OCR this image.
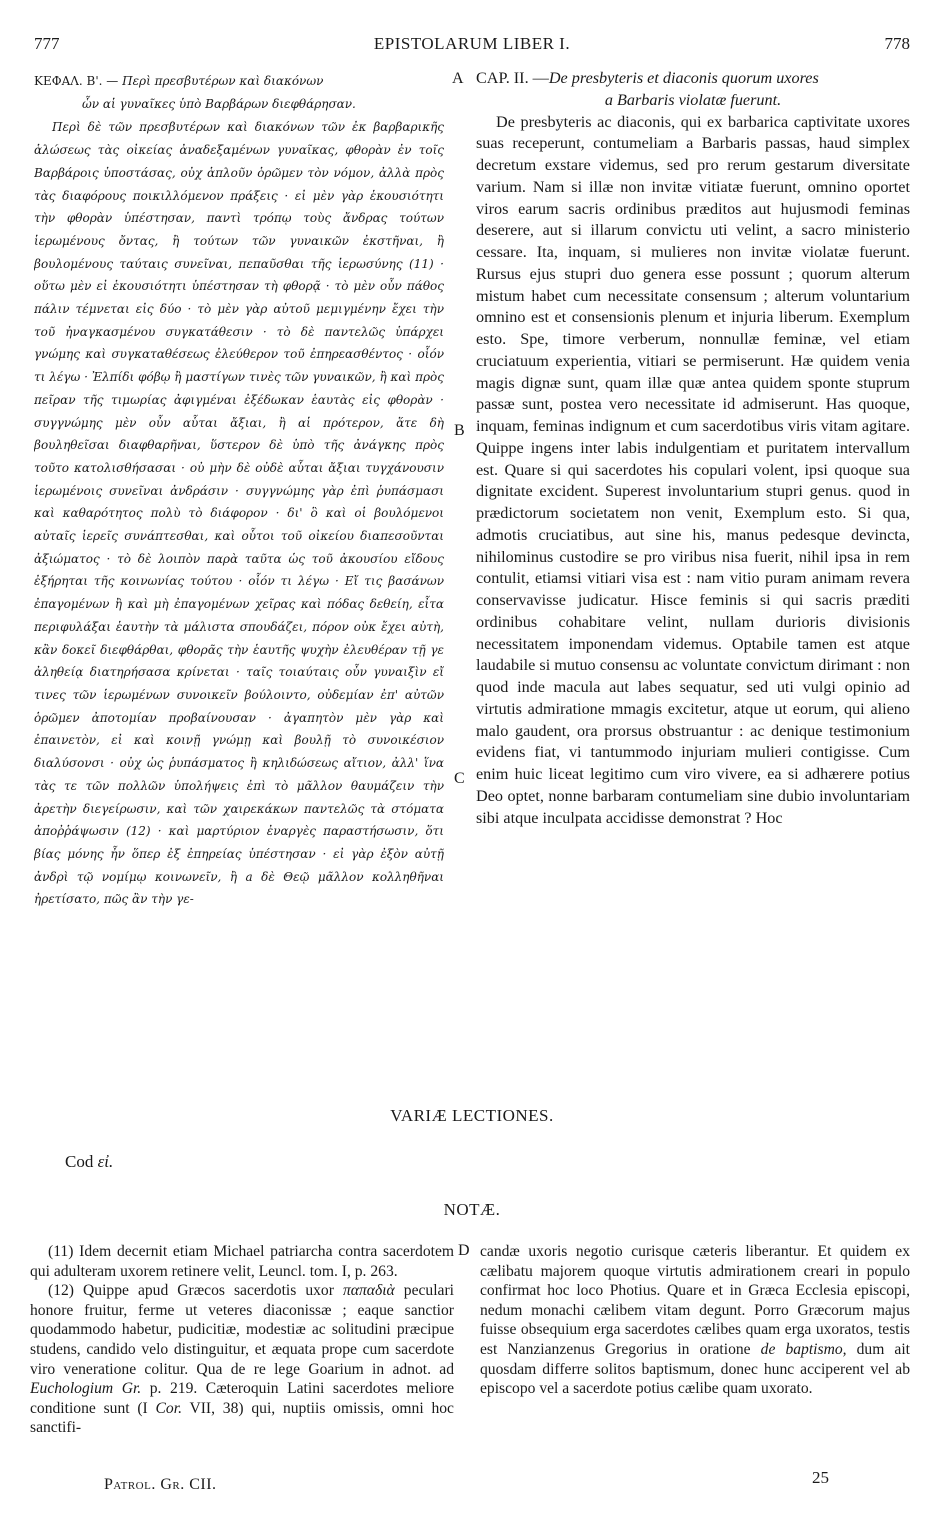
777	EPISTOLARUM LIBER I.	778
ΚΕΦΑΛ. Β'. — Περὶ πρεσβυτέρων καὶ διακόνων
ὧν αἱ γυναῖκες ὑπὸ Βαρβάρων διεφθάρησαν.
Περὶ δὲ τῶν πρεσβυτέρων καὶ διακόνων τῶν ἐκ βαρβαρικῆς ἁλώσεως τὰς οἰκείας ἀναδεξαμένων γυναῖκας, φθορὰν ἐν τοῖς Βαρβάροις ὑποστάσας, οὐχ ἁπλοῦν ὁρῶμεν τὸν νόμον, ἀλλὰ πρὸς τὰς διαφόρους ποικιλλόμενον πράξεις · εἰ μὲν γὰρ ἑκουσιότητι τὴν φθορὰν ὑπέστησαν, παντὶ τρόπῳ τοὺς ἄνδρας τούτων ἱερωμένους ὄντας, ἢ τούτων τῶν γυναικῶν ἐκστῆναι, ἢ βουλομένους ταύταις συνεῖναι, πεπαῦσθαι τῆς ἱερωσύνης (11) · οὕτω μὲν εἰ ἑκουσιότητι ὑπέστησαν τὴ φθορᾷ · τὸ μὲν οὖν πάθος πάλιν τέμνεται εἰς δύο · τὸ μὲν γὰρ αὐτοῦ μεμιγμένην ἔχει τὴν τοῦ ἠναγκασμένου συγκατάθεσιν · τὸ δὲ παντελῶς ὑπάρχει γνώμης καὶ συγκαταθέσεως ἐλεύθερον τοῦ ἐπηρεασθέντος · οἷόν τι λέγω · Ἐλπίδι φόβῳ ἢ μαστίγων τινὲς τῶν γυναικῶν, ἢ καὶ πρὸς πεῖραν τῆς τιμωρίας ἀφιγμέναι ἐξέδωκαν ἑαυτὰς εἰς φθορὰν · συγγνώμης μὲν οὖν αὗται ἄξιαι, ἢ αἱ πρότερον, ἅτε δὴ βουληθεῖσαι διαφθαρῆναι, ὕστερον δὲ ὑπὸ τῆς ἀνάγκης πρὸς τοῦτο κατολισθήσασαι · οὐ μὴν δὲ οὐδὲ αὗται ἄξιαι τυγχάνουσιν ἱερωμένοις συνεῖναι ἀνδράσιν · συγγνώμης γὰρ ἐπὶ ῥυπάσμασι καὶ καθαρότητος πολὺ τὸ διάφορον · δι' ὃ καὶ οἱ βουλόμενοι αὐταῖς ἱερεῖς συνάπτεσθαι, καὶ οὗτοι τοῦ οἰκείου διαπεσοῦνται ἀξιώματος · τὸ δὲ λοιπὸν παρὰ ταῦτα ὡς τοῦ ἀκουσίου εἴδους ἐξήρηται τῆς κοινωνίας τούτου · οἷόν τι λέγω · Εἴ τις βασάνων ἐπαγομένων ἢ καὶ μὴ ἐπαγομένων χεῖρας καὶ πόδας δεθείη, εἶτα περιφυλάξαι ἑαυτὴν τὰ μάλιστα σπουδάζει, πόρον οὐκ ἔχει αὐτὴ, κἂν δοκεῖ διεφθάρθαι, φθορᾶς τὴν ἑαυτῆς ψυχὴν ἐλευθέραν τῇ γε ἀληθείᾳ διατηρήσασα κρίνεται · ταῖς τοιαύταις οὖν γυναιξὶν εἴ τινες τῶν ἱερωμένων συνοικεῖν βούλοιντο, οὐδεμίαν ἐπ' αὐτῶν ὁρῶμεν ἀποτομίαν προβαίνουσαν · ἀγαπητὸν μὲν γὰρ καὶ ἐπαινετὸν, εἰ καὶ κοινῇ γνώμῃ καὶ βουλῇ τὸ συνοικέσιον διαλύσονσι · οὐχ ὡς ῥυπάσματος ἢ κηλιδώσεως αἴτιον, ἀλλ' ἵνα τὰς τε τῶν πολλῶν ὑπολήψεις ἐπὶ τὸ μᾶλλον θαυμάζειν τὴν ἀρετὴν διεγείρωσιν, καὶ τῶν χαιρεκάκων παντελῶς τὰ στόματα ἀποῤῥάψωσιν (12) · καὶ μαρτύριον ἐναργὲς παραστήσωσιν, ὅτι βίας μόνης ἦν ὅπερ ἐξ ἐπηρείας ὑπέστησαν · εἰ γὰρ ἐξὸν αὐτῇ ἀνδρὶ τῷ νομίμῳ κοινωνεῖν, ἢ a δὲ Θεῷ μᾶλλον κολληθῆναι ἠρετίσατο, πῶς ἂν τὴν γε-
A
B
C
D
CAP. II. —De presbyteris et diaconis quorum uxores
a Barbaris violatæ fuerunt.
De presbyteris ac diaconis, qui ex barbarica captivitate uxores suas receperunt, contumeliam a Barbaris passas, haud simplex decretum exstare videmus, sed pro rerum gestarum diversitate varium. Nam si illæ non invitæ vitiatæ fuerunt, omnino oportet viros earum sacris ordinibus præditos aut hujusmodi feminas deserere, aut si illarum convictu uti velint, a sacro ministerio cessare. Ita, inquam, si mulieres non invitæ violatæ fuerunt. Rursus ejus stupri duo genera esse possunt ; quorum alterum mistum habet cum necessitate consensum ; alterum voluntarium omnino est et consensionis plenum et injuria liberum. Exemplum esto. Spe, timore verberum, nonnullæ feminæ, vel etiam cruciatuum experientia, vitiari se permiserunt. Hæ quidem venia magis dignæ sunt, quam illæ quæ antea quidem sponte stuprum passæ sunt, postea vero necessitate id admiserunt. Has quoque, inquam, feminas indignum et cum sacerdotibus viris vitam agitare. Quippe ingens inter labis indulgentiam et puritatem intervallum est. Quare si qui sacerdotes his copulari volent, ipsi quoque sua dignitate excident. Superest involuntarium stupri genus. quod in prædictorum societatem non venit, Exemplum esto. Si qua, admotis cruciatibus, aut sine his, manus pedesque devincta, nihilominus custodire se pro viribus nisa fuerit, nihil ipsa in rem contulit, etiamsi vitiari visa est : nam vitio puram animam revera conservavisse judicatur. Hisce feminis si qui sacris præditi ordinibus cohabitare velint, nullam durioris divisionis necessitatem imponendam videmus. Optabile tamen est atque laudabile si mutuo consensu ac voluntate convictum dirimant : non quod inde macula aut labes sequatur, sed uti vulgi opinio ad virtutis admiratione mmagis excitetur, atque ut eorum, qui alieno malo gaudent, ora prorsus obstruantur : ac denique testimonium evidens fiat, vi tantummodo injuriam mulieri contigisse. Cum enim huic liceat legitimo cum viro vivere, ea si adhærere potius Deo optet, nonne barbaram contumeliam sine dubio involuntariam sibi atque inculpata accidisse demonstrat ? Hoc
VARIÆ LECTIONES.
Cod εἰ.
NOTÆ.
(11) Idem decernit etiam Michael patriarcha contra sacerdotem qui adulteram uxorem retinere velit, Leuncl. tom. I, p. 263.
(12) Quippe apud Græcos sacerdotis uxor παπαδιὰ peculari honore fruitur, ferme ut veteres diaconissæ ; eaque sanctior quodammodo habetur, pudicitiæ, modestiæ ac solitudini præcipue studens, candido velo distinguitur, et æquata prope cum sacerdote viro veneratione colitur. Qua de re lege Goarium in adnot. ad Euchologium Gr. p. 219. Cæteroquin Latini sacerdotes meliore conditione sunt (I Cor. VII, 38) qui, nuptiis omissis, omni hoc sanctifi-
candæ uxoris negotio curisque cæteris liberantur. Et quidem ex cælibatu majorem quoque virtutis admirationem creari in populo confirmat hoc loco Photius. Quare et in Græca Ecclesia episcopi, nedum monachi cælibem vitam degunt. Porro Græcorum majus fuisse obsequium erga sacerdotes cælibes quam erga uxoratos, testis est Nanzianzenus Gregorius in oratione de baptismo, dum ait quosdam differre solitos baptismum, donec hunc acciperent vel ab episcopo vel a sacerdote potius cælibe quam uxorato.
Patrol. Gr. CII.	25
